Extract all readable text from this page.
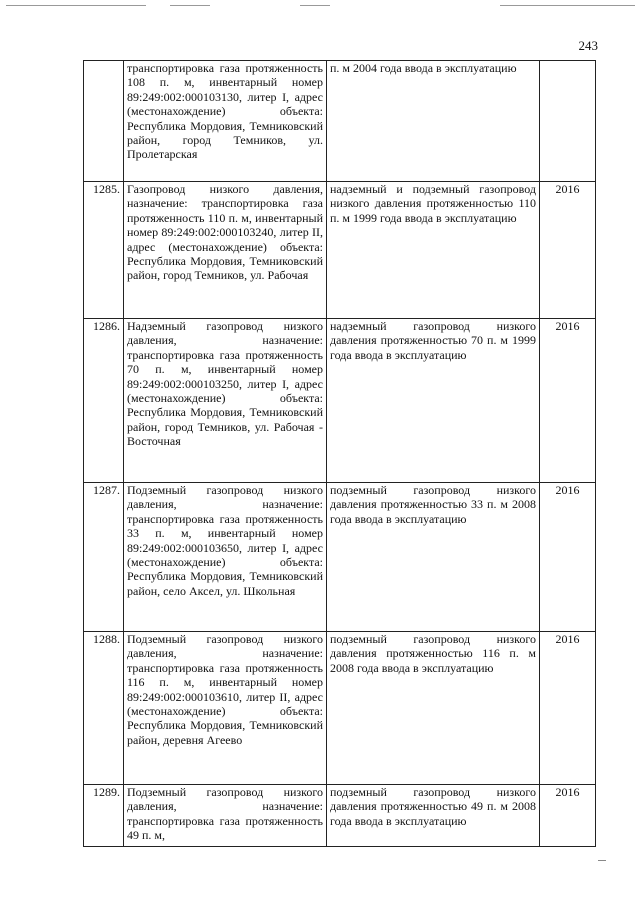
243
	транспортировка газа протяженность 108 п. м, инвентарный номер 89:249:002:000103130, литер I, адрес (местонахождение) объекта: Республика Мордовия, Темниковский район, город Темников, ул. Пролетарская	п. м 2004 года ввода в эксплуатацию	
1285.	Газопровод низкого давления, назначение: транспортировка газа протяженность 110 п. м, инвентарный номер 89:249:002:000103240, литер II, адрес (местонахождение) объекта: Республика Мордовия, Темниковский район, город Темников, ул. Рабочая	надземный и подземный газопровод низкого давления протяженностью 110 п. м 1999 года ввода в эксплуатацию	2016
1286.	Надземный газопровод низкого давления, назначение: транспортировка газа протяженность 70 п. м, инвентарный номер 89:249:002:000103250, литер I, адрес (местонахождение) объекта: Республика Мордовия, Темниковский район, город Темников, ул. Рабочая - Восточная	надземный газопровод низкого давления протяженностью 70 п. м 1999 года ввода в эксплуатацию	2016
1287.	Подземный газопровод низкого давления, назначение: транспортировка газа протяженность 33 п. м, инвентарный номер 89:249:002:000103650, литер I, адрес (местонахождение) объекта: Республика Мордовия, Темниковский район, село Аксел, ул. Школьная	подземный газопровод низкого давления протяженностью 33 п. м 2008 года ввода в эксплуатацию	2016
1288.	Подземный газопровод низкого давления, назначение: транспортировка газа протяженность 116 п. м, инвентарный номер 89:249:002:000103610, литер II, адрес (местонахождение) объекта: Республика Мордовия, Темниковский район, деревня Агеево	подземный газопровод низкого давления протяженностью 116 п. м 2008 года ввода в эксплуатацию	2016
1289.	Подземный газопровод низкого давления, назначение: транспортировка газа протяженность 49 п. м,	подземный газопровод низкого давления протяженностью 49 п. м 2008 года ввода в эксплуатацию	2016
